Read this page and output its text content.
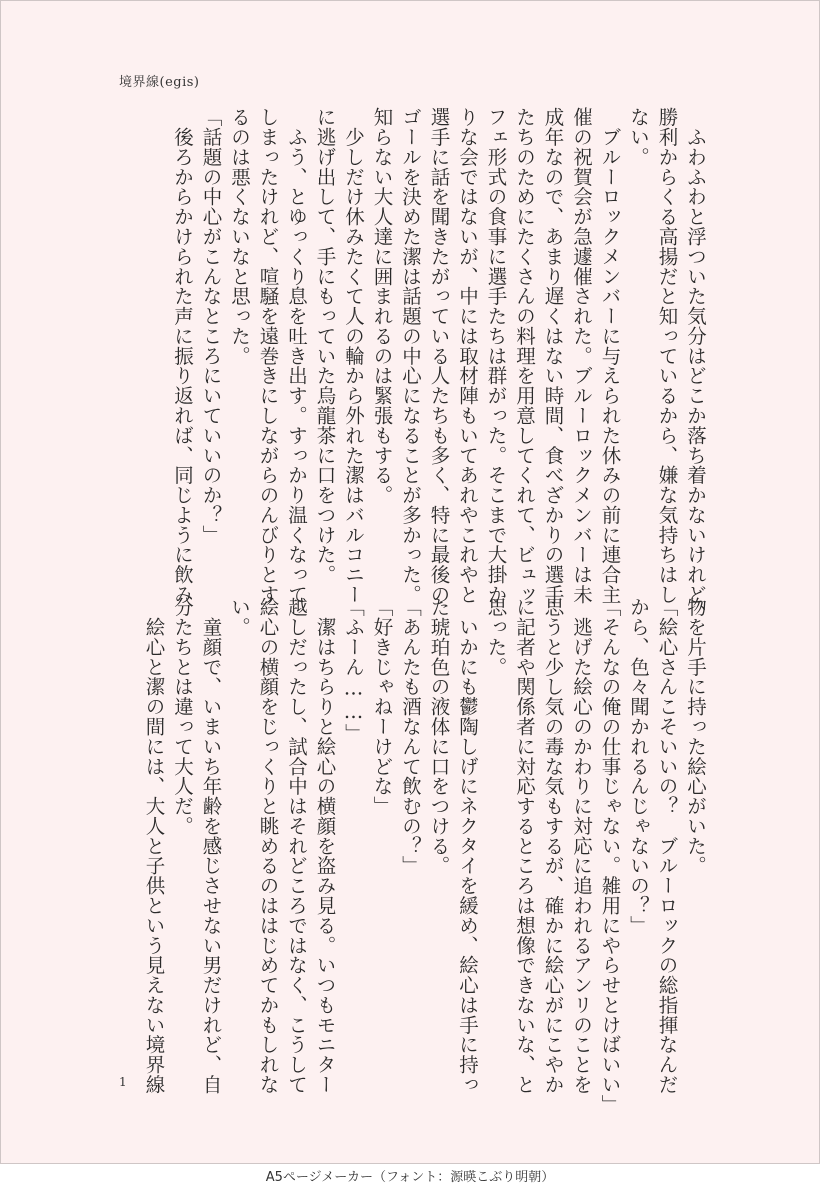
境界線(egis)

　ふわふわと浮ついた気分はどこか落ち着かないけれど、

勝利からくる高揚だと知っているから、嫌な気持ちはし

ない。

　ブルーロックメンバーに与えられた休みの前に連合主

催の祝賀会が急遽催された。ブルーロックメンバーは未

成年なので、あまり遅くはない時間、食べざかりの選手

たちのためにたくさんの料理を用意してくれて、ビュッ

フェ形式の食事に選手たちは群がった。そこまで大掛か

りな会ではないが、中には取材陣もいてあれやこれやと

選手に話を聞きたがっている人たちも多く、特に最後の

ゴールを決めた潔は話題の中心になることが多かった。

知らない大人達に囲まれるのは緊張もする。

　少しだけ休みたくて人の輪から外れた潔はバルコニー

に逃げ出して、手にもっていた烏龍茶に口をつけた。

　ふう、とゆっくり息を吐き出す。すっかり温くなって

しまったけれど、喧騒を遠巻きにしながらのんびりとす

るのは悪くないなと思った。

「話題の中心がこんなところにいていいのか？」

　後ろからかけられた声に振り返れば、同じように飲み

物を片手に持った絵心がいた。

「絵心さんこそいいの？　ブルーロックの総指揮なんだ

から、色々聞かれるんじゃないの？」

「そんなの俺の仕事じゃない。雑用にやらせとけばいい」

　逃げた絵心のかわりに対応に追われるアンリのことを

思うと少し気の毒な気もするが、確かに絵心がにこやか

に記者や関係者に対応するところは想像できないな、と

思った。

　いかにも鬱陶しげにネクタイを緩め、絵心は手に持っ

た琥珀色の液体に口をつける。

「あんたも酒なんて飲むの？」

「好きじゃねーけどな」

「ふーん……」

　潔はちらりと絵心の横顔を盗み見る。いつもモニター

越しだったし、試合中はそれどころではなく、こうして

絵心の横顔をじっくりと眺めるのははじめてかもしれな

い。

　童顔で、いまいち年齢を感じさせない男だけれど、自

分たちとは違って大人だ。

　絵心と潔の間には、大人と子供という見えない境界線

1
A5ページメーカー（フォント：源暎こぶり明朝）
